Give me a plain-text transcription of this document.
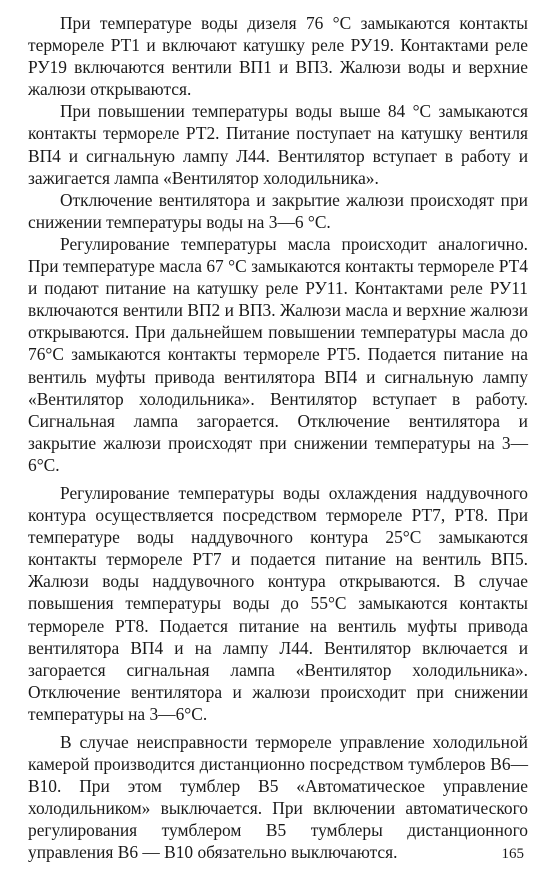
При температуре воды дизеля 76 °С замыкаются контакты термореле РТ1 и включают катушку реле РУ19. Контактами реле РУ19 включаются вентили ВП1 и ВП3. Жалюзи воды и верхние жалюзи открываются.

При повышении температуры воды выше 84 °С замыкаются контакты термореле РТ2. Питание поступает на катушку вентиля ВП4 и сигнальную лампу Л44. Вентилятор вступает в работу и зажигается лампа «Вентилятор холодильника».

Отключение вентилятора и закрытие жалюзи происходят при снижении температуры воды на 3—6 °С.

Регулирование температуры масла происходит аналогично. При температуре масла 67 °С замыкаются контакты термореле РТ4 и подают питание на катушку реле РУ11. Контактами реле РУ11 включаются вентили ВП2 и ВП3. Жалюзи масла и верхние жалюзи открываются. При дальнейшем повышении температуры масла до 76°С замыкаются контакты термореле РТ5. Подается питание на вентиль муфты привода вентилятора ВП4 и сигнальную лампу «Вентилятор холодильника». Вентилятор вступает в работу. Сигнальная лампа загорается. Отключение вентилятора и закрытие жалюзи происходят при снижении температуры на 3—6°С.

Регулирование температуры воды охлаждения наддувочного контура осуществляется посредством термореле РТ7, РТ8. При температуре воды наддувочного контура 25°С замыкаются контакты термореле РТ7 и подается питание на вентиль ВП5. Жалюзи воды наддувочного контура открываются. В случае повышения температуры воды до 55°С замыкаются контакты термореле РТ8. Подается питание на вентиль муфты привода вентилятора ВП4 и на лампу Л44. Вентилятор включается и загорается сигнальная лампа «Вентилятор холодильника». Отключение вентилятора и жалюзи происходит при снижении температуры на 3—6°С.

В случае неисправности термореле управление холодильной камерой производится дистанционно посредством тумблеров В6—В10. При этом тумблер В5 «Автоматическое управление холодильником» выключается. При включении автоматического регулирования тумблером В5 тумблеры дистанционного управления В6 — В10 обязательно выключаются.	165
